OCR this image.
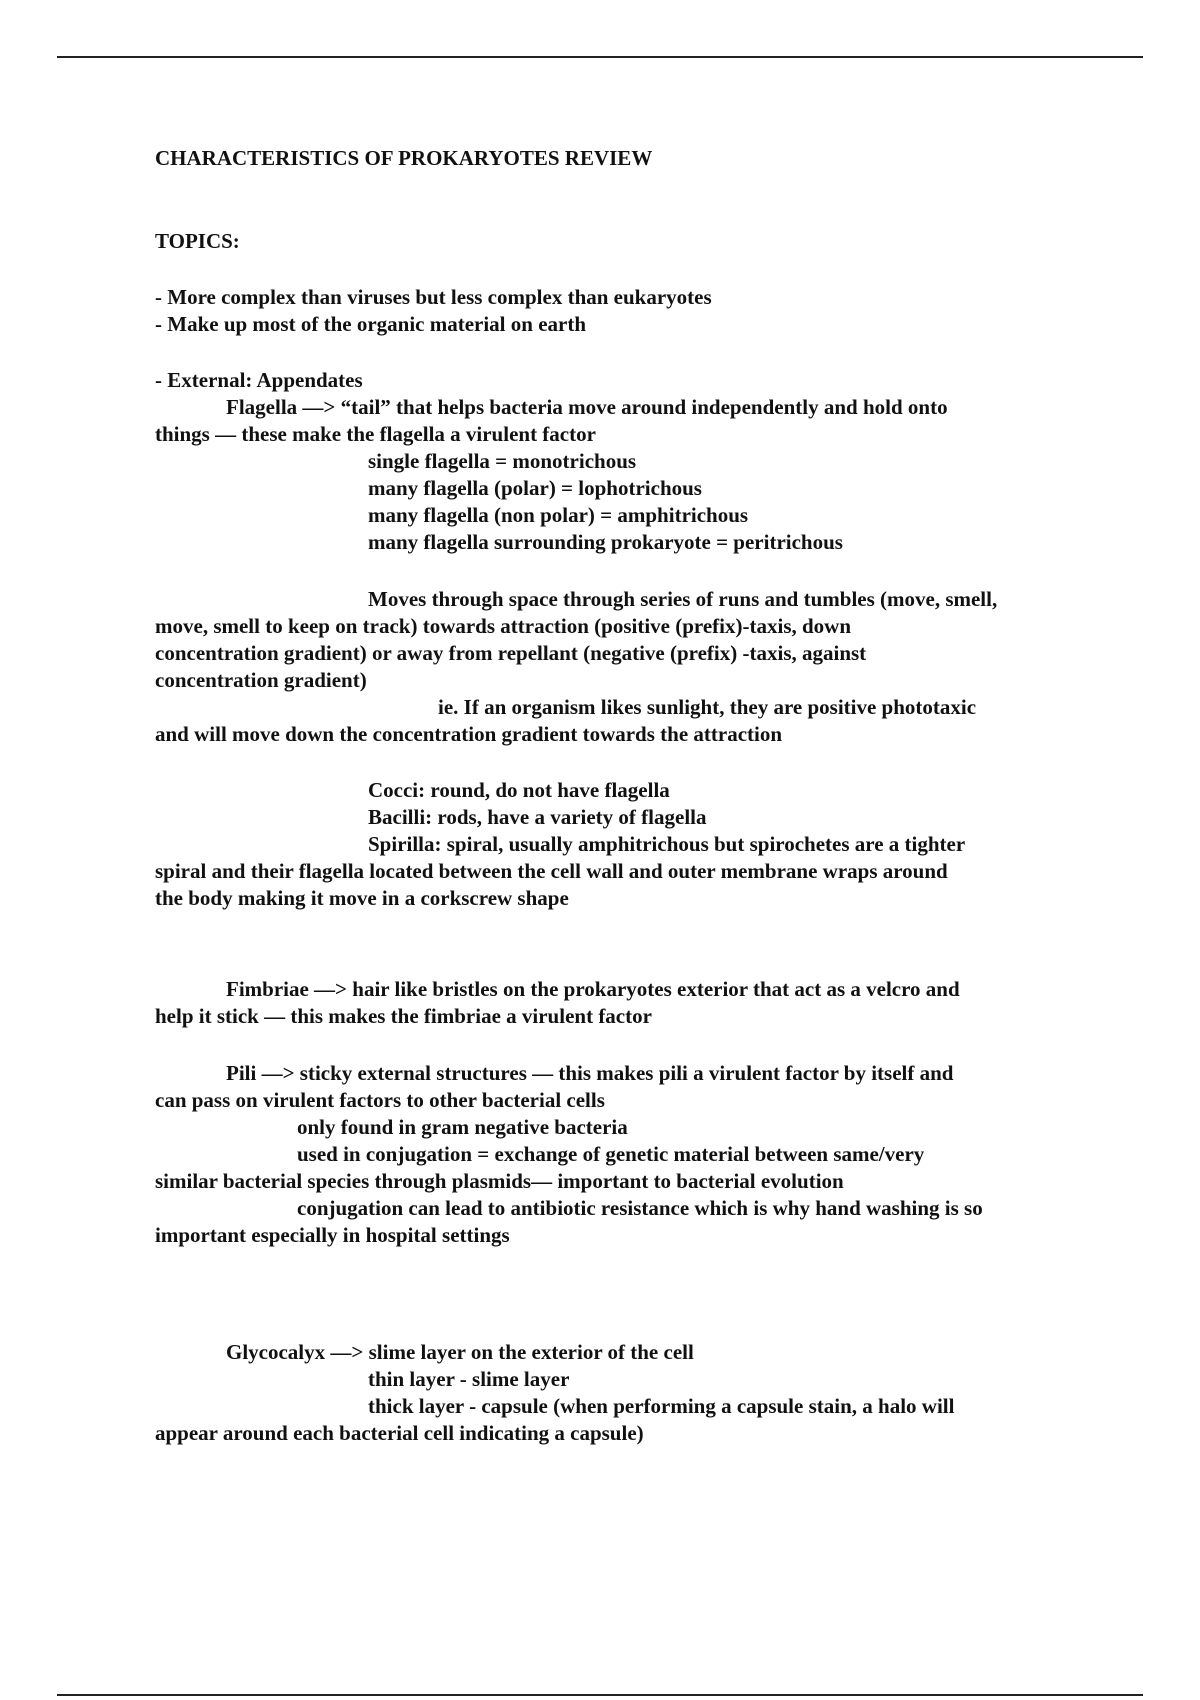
CHARACTERISTICS OF PROKARYOTES REVIEW
TOPICS:
- More complex than viruses but less complex than eukaryotes
- Make up most of the organic material on earth
- External: Appendates
Flagella —> “tail” that helps bacteria move around independently and hold onto
things — these make the flagella a virulent factor
single flagella = monotrichous
many flagella (polar) = lophotrichous
many flagella (non polar) = amphitrichous
many flagella surrounding prokaryote = peritrichous
Moves through space through series of runs and tumbles (move, smell,
move, smell to keep on track) towards attraction (positive (prefix)-taxis, down
concentration gradient) or away from repellant (negative (prefix) -taxis, against
concentration gradient)
ie. If an organism likes sunlight, they are positive phototaxic
and will move down the concentration gradient towards the attraction
Cocci: round, do not have flagella
Bacilli: rods, have a variety of flagella
Spirilla: spiral, usually amphitrichous but spirochetes are a tighter
spiral and their flagella located between the cell wall and outer membrane wraps around
the body making it move in a corkscrew shape
Fimbriae —> hair like bristles on the prokaryotes exterior that act as a velcro and
help it stick — this makes the fimbriae a virulent factor
Pili —> sticky external structures — this makes pili a virulent factor by itself and
can pass on virulent factors to other bacterial cells
only found in gram negative bacteria
used in conjugation = exchange of genetic material between same/very
similar bacterial species through plasmids— important to bacterial evolution
conjugation can lead to antibiotic resistance which is why hand washing is so
important especially in hospital settings
Glycocalyx —> slime layer on the exterior of the cell
thin layer - slime layer
thick layer - capsule (when performing a capsule stain, a halo will
appear around each bacterial cell indicating a capsule)
